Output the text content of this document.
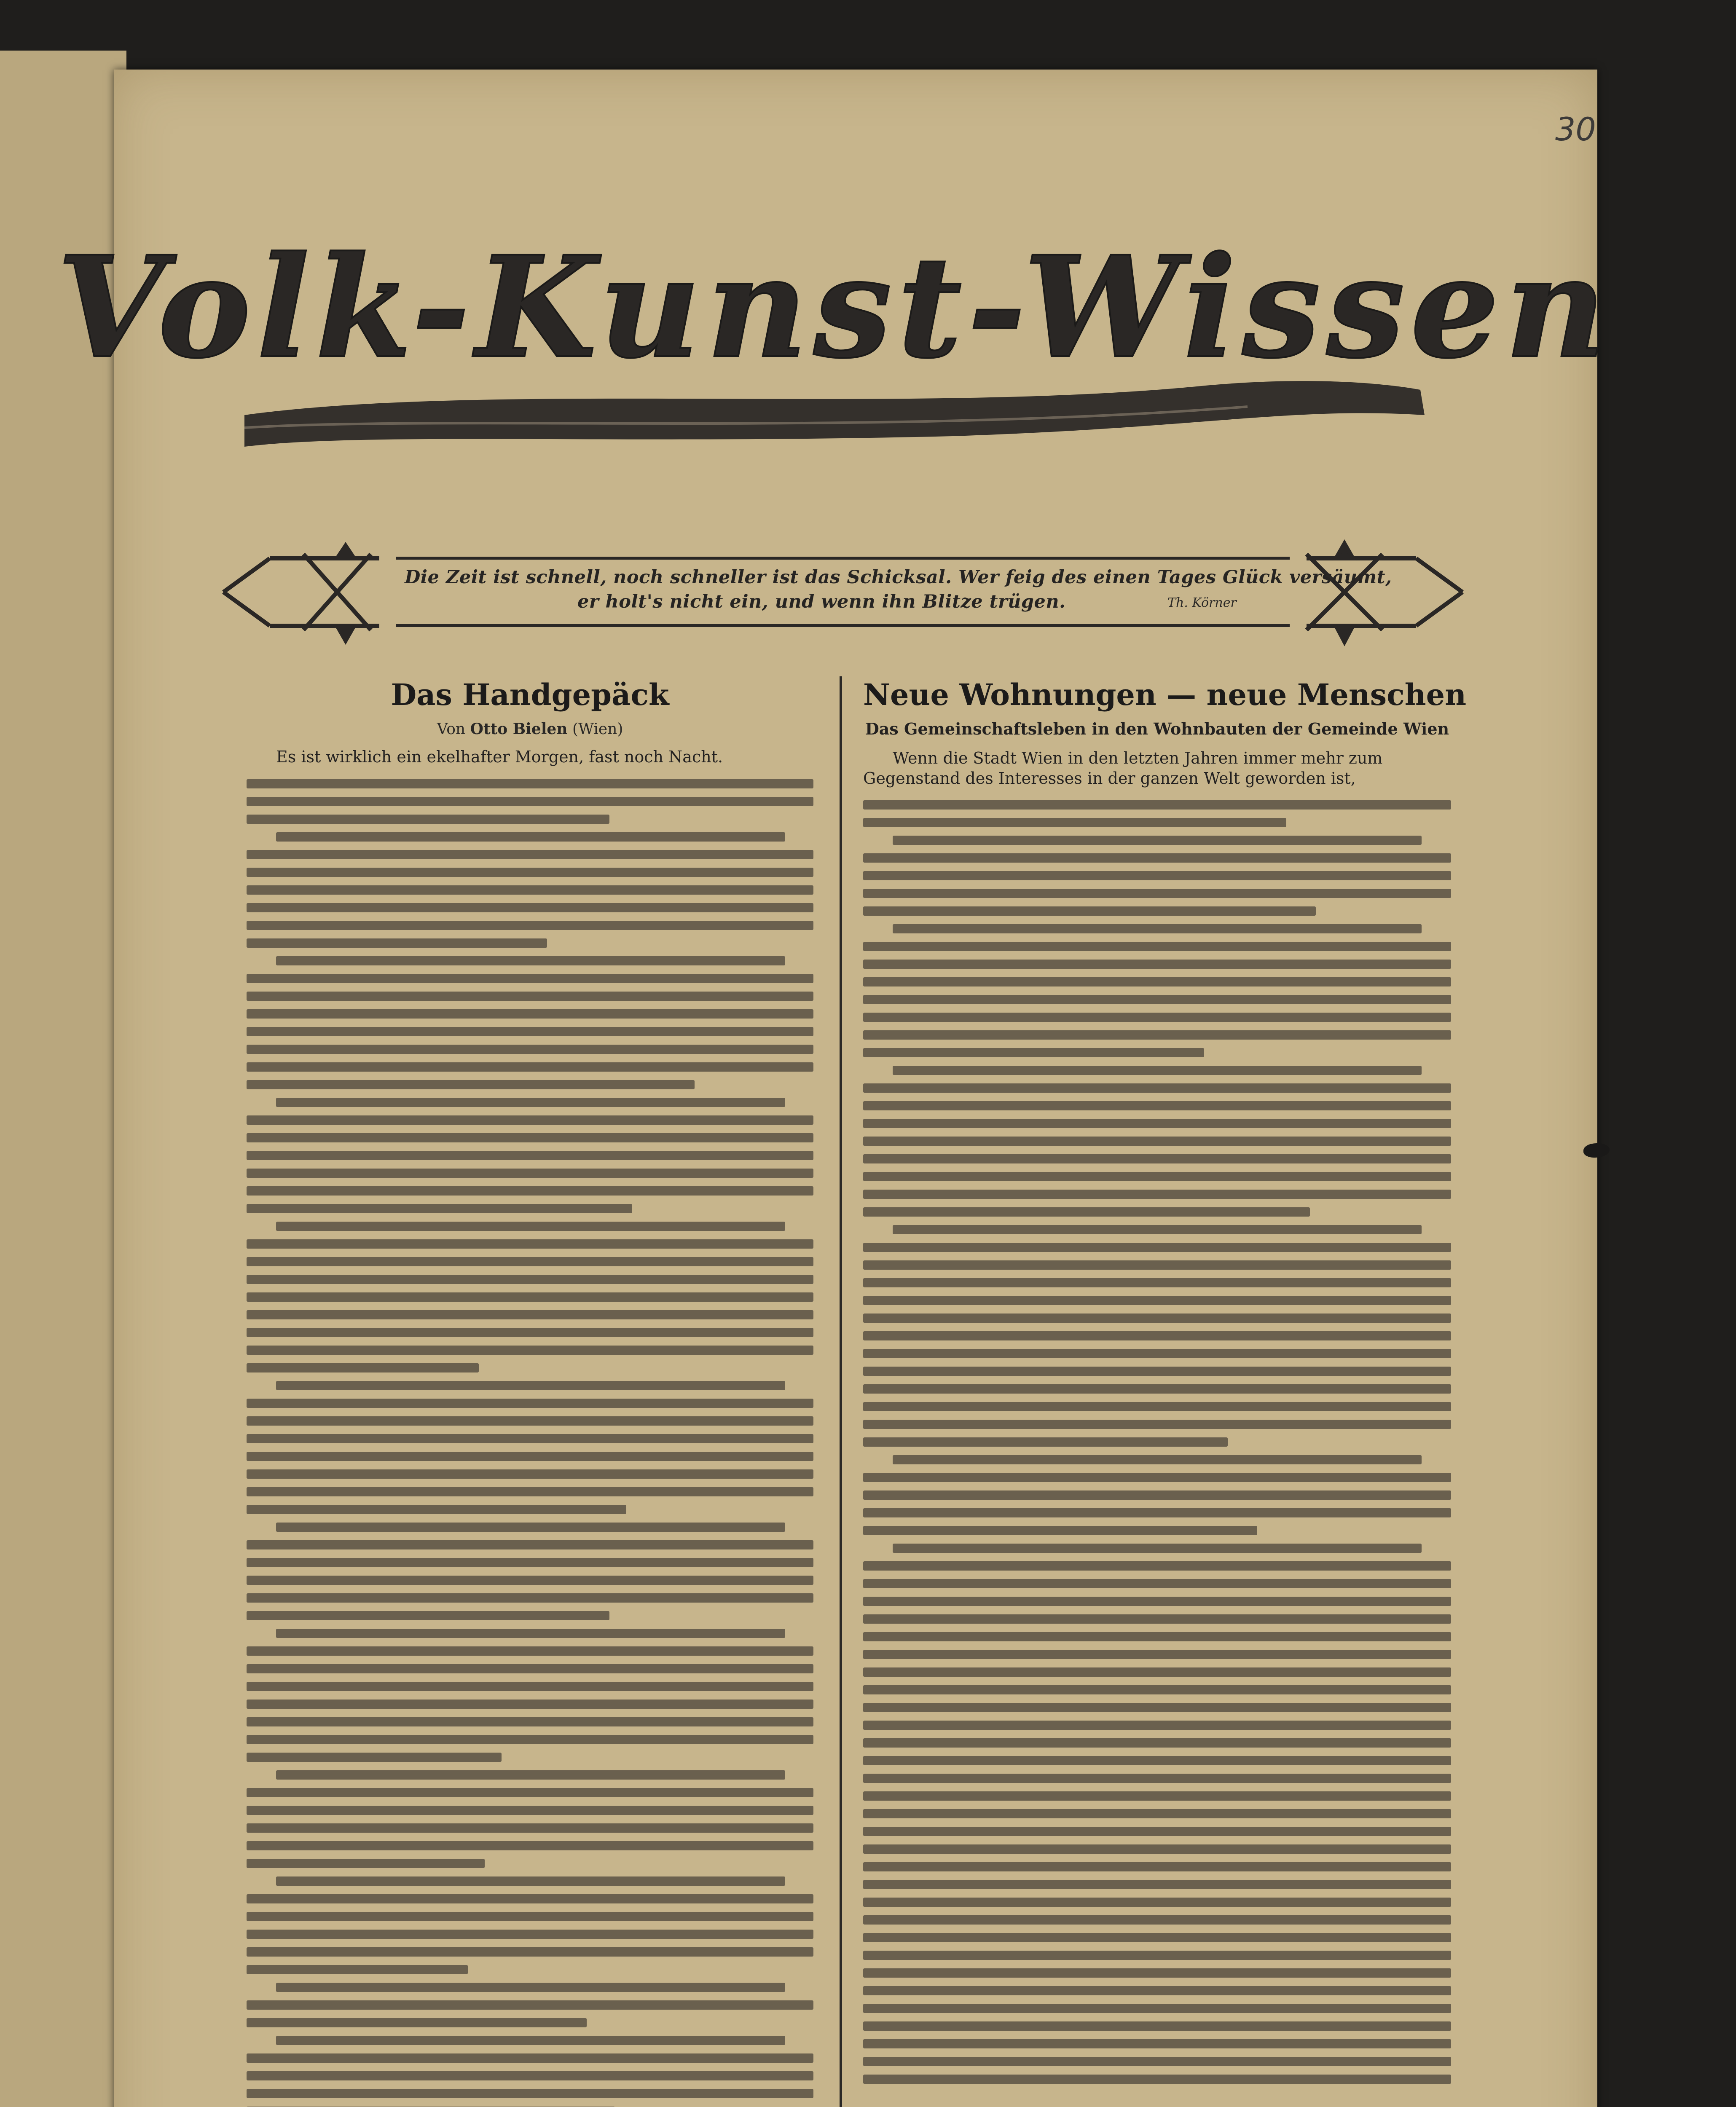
30
Volk-Kunst-Wissen
Die Zeit ist schnell, noch schneller ist das Schicksal. Wer feig des einen Tages Glück versäumt,
er holt's nicht ein, und wenn ihn Blitze trügen.	Th. Körner
Das Handgepäck
Von Otto Bielen (Wien)
Es ist wirklich ein ekelhafter Morgen, fast noch Nacht.
Neue Wohnungen — neue Menschen
Das Gemeinschaftsleben in den Wohnbauten der Gemeinde Wien
Wenn die Stadt Wien in den letzten Jahren immer mehr zum Gegenstand des Interesses in der ganzen Welt geworden ist,
